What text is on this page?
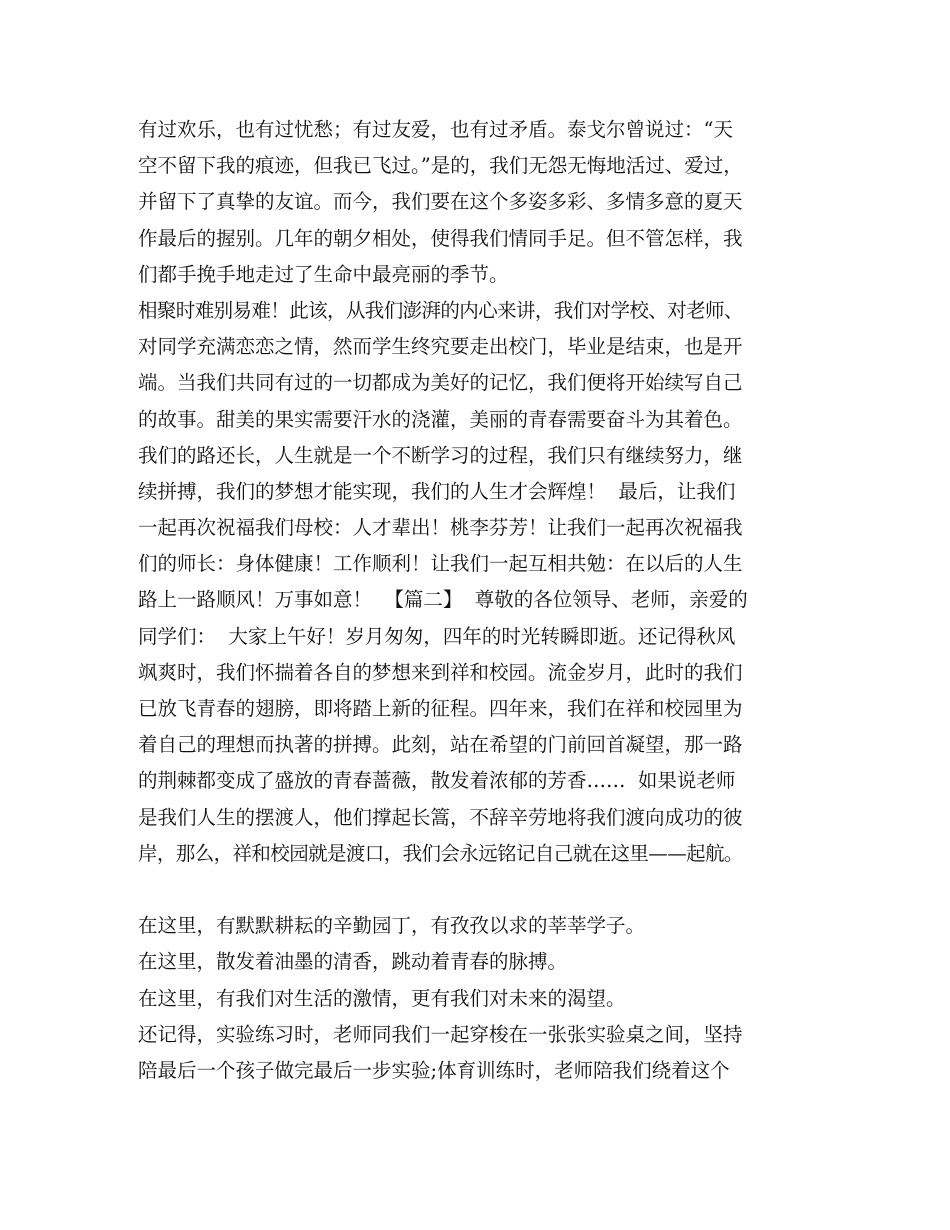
有过欢乐，也有过忧愁；有过友爱，也有过矛盾。泰戈尔曾说过：“天
空不留下我的痕迹，但我已飞过。”是的，我们无怨无悔地活过、爱过，
并留下了真挚的友谊。而今，我们要在这个多姿多彩、多情多意的夏天
作最后的握别。几年的朝夕相处，使得我们情同手足。但不管怎样，我
们都手挽手地走过了生命中最亮丽的季节。
相聚时难别易难！此该，从我们澎湃的内心来讲，我们对学校、对老师、
对同学充满恋恋之情，然而学生终究要走出校门，毕业是结束，也是开
端。当我们共同有过的一切都成为美好的记忆，我们便将开始续写自己
的故事。甜美的果实需要汗水的浇灌，美丽的青春需要奋斗为其着色。
我们的路还长，人生就是一个不断学习的过程，我们只有继续努力，继
续拼搏，我们的梦想才能实现，我们的人生才会辉煌！  最后，让我们
一起再次祝福我们母校：人才辈出！桃李芬芳！让我们一起再次祝福我
们的师长：身体健康！工作顺利！让我们一起互相共勉：在以后的人生
路上一路顺风！万事如意！  【篇二】  尊敬的各位领导、老师，亲爱的
同学们：  大家上午好！岁月匆匆，四年的时光转瞬即逝。还记得秋风
飒爽时，我们怀揣着各自的梦想来到祥和校园。流金岁月，此时的我们
已放飞青春的翅膀，即将踏上新的征程。四年来，我们在祥和校园里为
着自己的理想而执著的拼搏。此刻，站在希望的门前回首凝望，那一路
的荆棘都变成了盛放的青春蔷薇，散发着浓郁的芳香……  如果说老师
是我们人生的摆渡人，他们撑起长篙，不辞辛劳地将我们渡向成功的彼
岸，那么，祥和校园就是渡口，我们会永远铭记自己就在这里——起航。
在这里，有默默耕耘的辛勤园丁，有孜孜以求的莘莘学子。
在这里，散发着油墨的清香，跳动着青春的脉搏。
在这里，有我们对生活的激情，更有我们对未来的渴望。
还记得，实验练习时，老师同我们一起穿梭在一张张实验桌之间，坚持
陪最后一个孩子做完最后一步实验;体育训练时，老师陪我们绕着这个
